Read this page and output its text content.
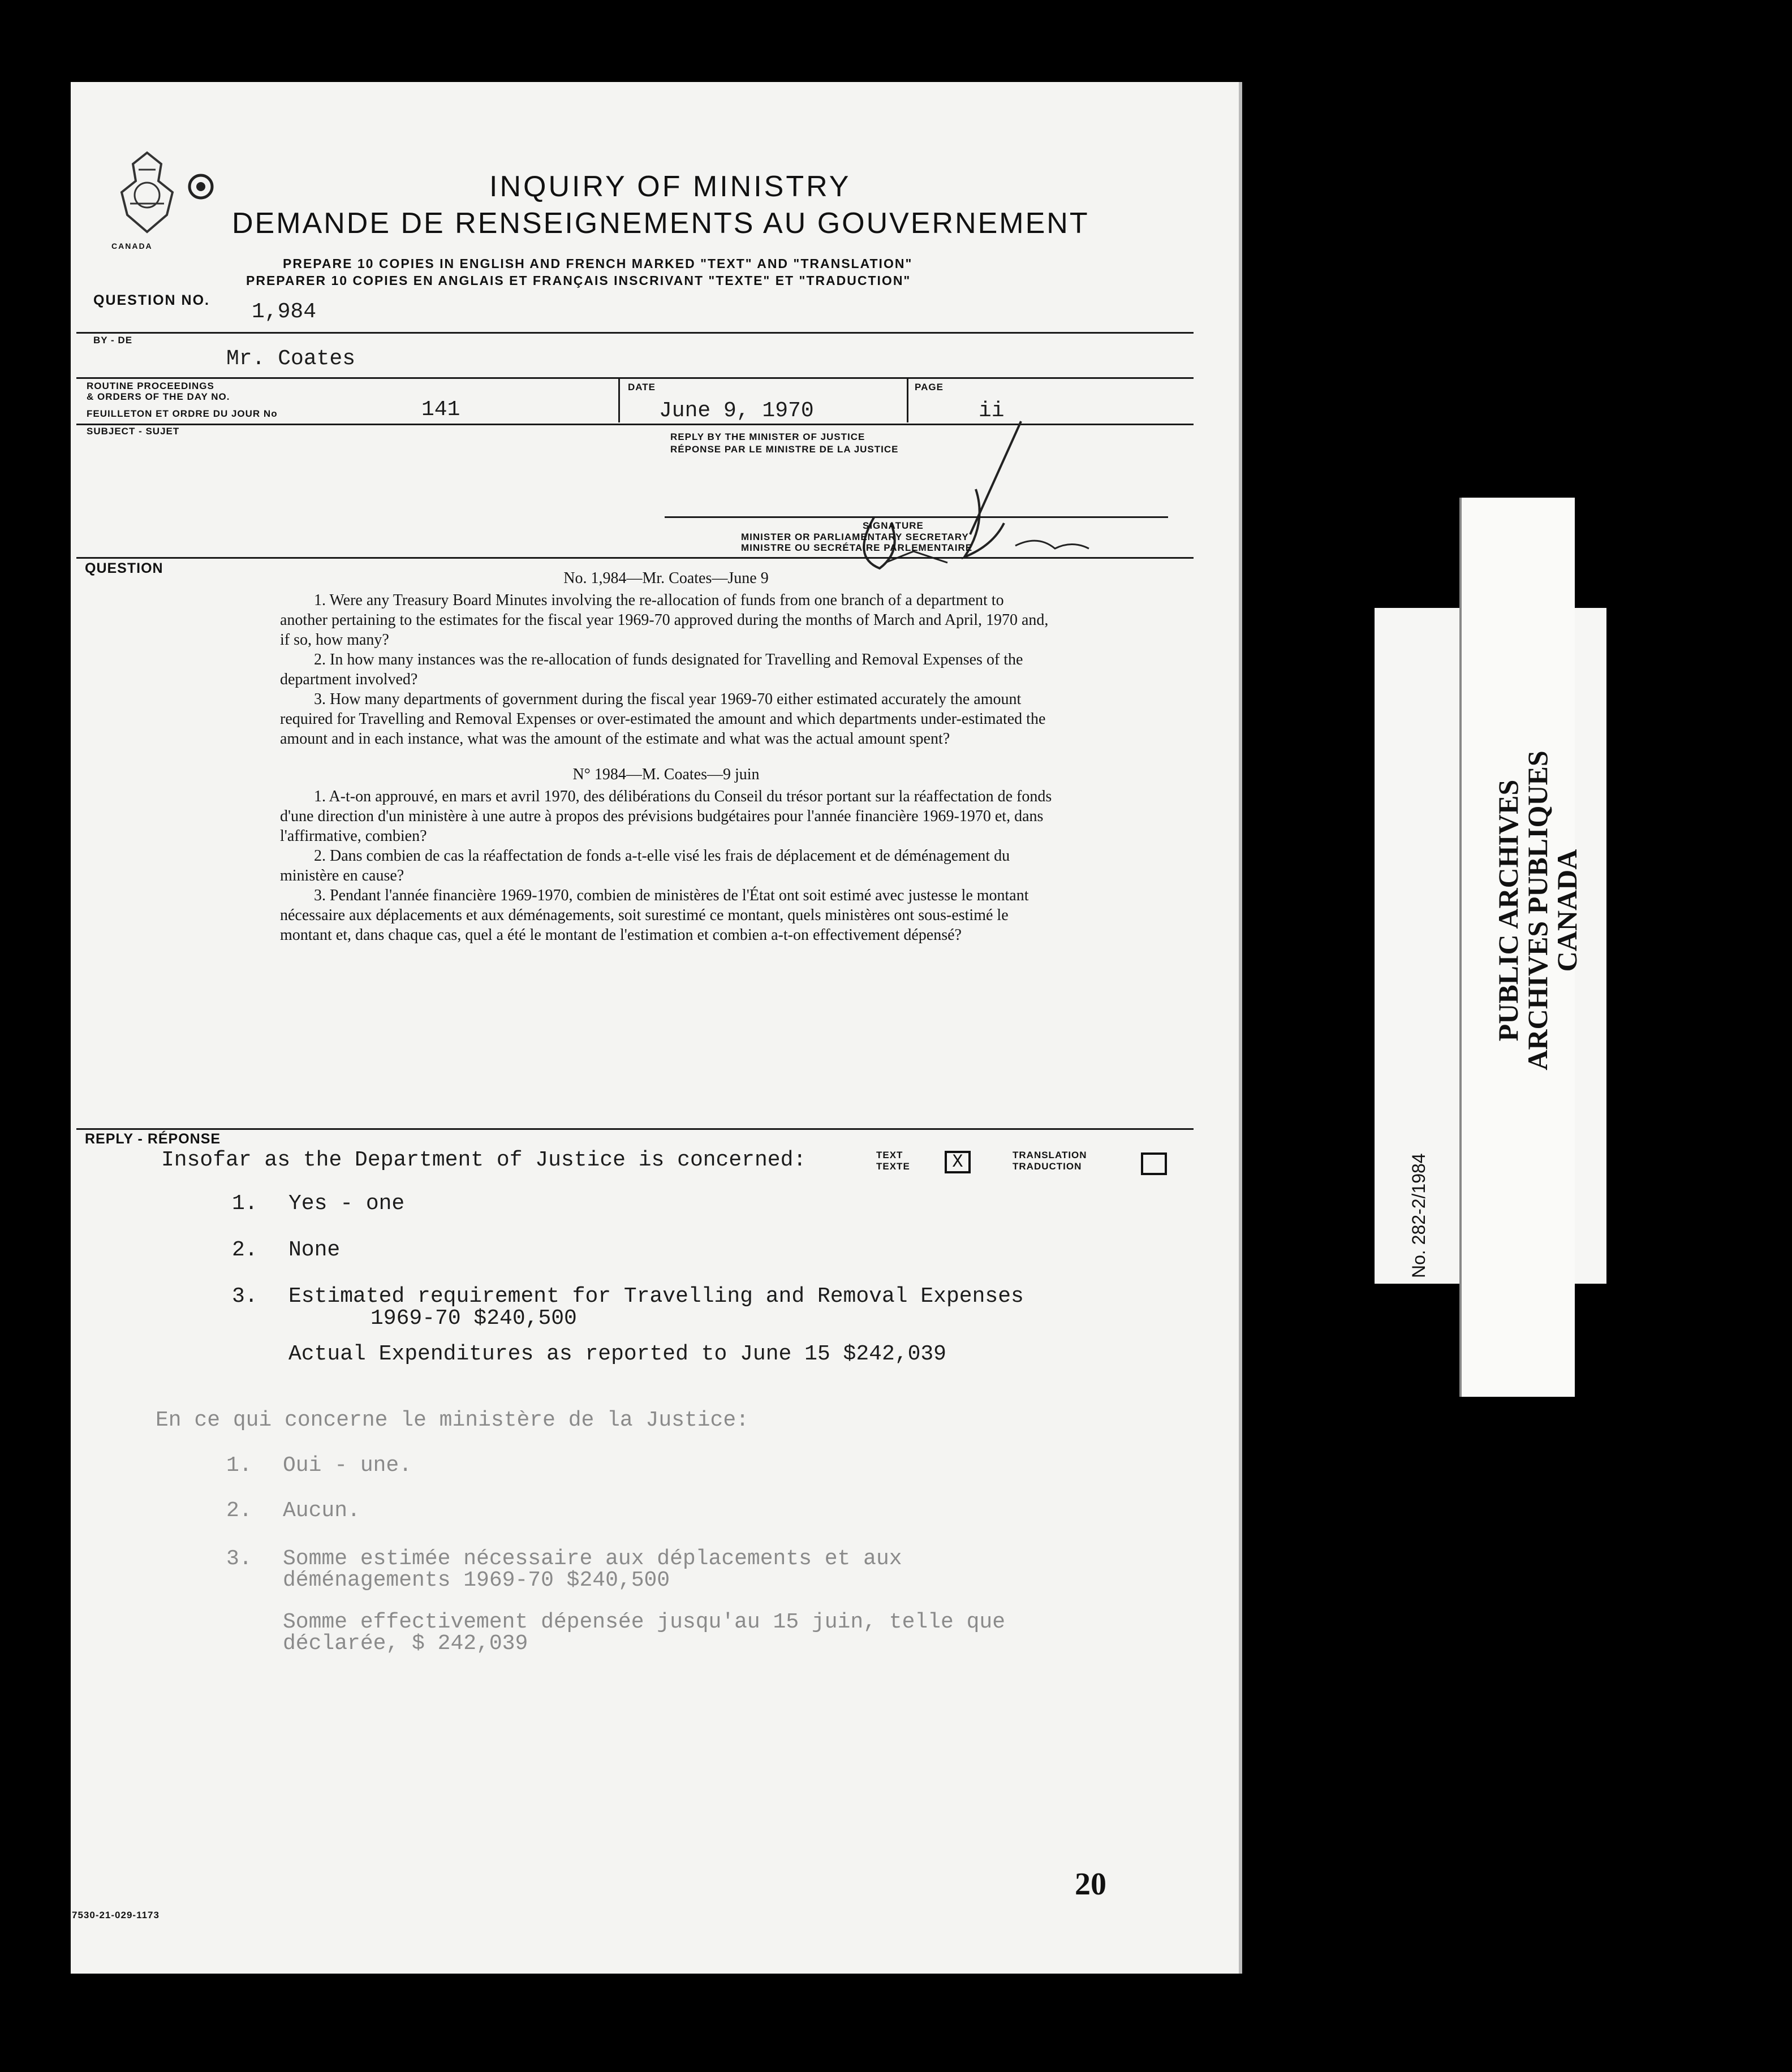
CANADA
INQUIRY OF MINISTRY
DEMANDE DE RENSEIGNEMENTS AU GOUVERNEMENT
PREPARE 10 COPIES IN ENGLISH AND FRENCH MARKED "TEXT" AND "TRANSLATION"
PREPARER 10 COPIES EN ANGLAIS ET FRANÇAIS INSCRIVANT "TEXTE" ET "TRADUCTION"
QUESTION NO. 1,984
BY - DE
Mr. Coates
ROUTINE PROCEEDINGS
& ORDERS OF THE DAY NO.
FEUILLETON ET ORDRE DU JOUR No	141
DATE
June 9, 1970
PAGE
ii
SUBJECT - SUJET
REPLY BY THE MINISTER OF JUSTICE
RÉPONSE PAR LE MINISTRE DE LA JUSTICE
SIGNATURE
MINISTER OR PARLIAMENTARY SECRETARY
MINISTRE OU SECRÉTAIRE PARLEMENTAIRE
QUESTION
No. 1,984—Mr. Coates—June 9

1. Were any Treasury Board Minutes involving the re-allocation of funds from one branch of a department to another pertaining to the estimates for the fiscal year 1969-70 approved during the months of March and April, 1970 and, if so, how many?

2. In how many instances was the re-allocation of funds designated for Travelling and Removal Expenses of the department involved?

3. How many departments of government during the fiscal year 1969-70 either estimated accurately the amount required for Travelling and Removal Expenses or over-estimated the amount and which departments under-estimated the amount and in each instance, what was the amount of the estimate and what was the actual amount spent?

N° 1984—M. Coates—9 juin

1. A-t-on approuvé, en mars et avril 1970, des délibérations du Conseil du trésor portant sur la réaffectation de fonds d'une direction d'un ministère à une autre à propos des prévisions budgétaires pour l'année financière 1969-1970 et, dans l'affirmative, combien?

2. Dans combien de cas la réaffectation de fonds a-t-elle visé les frais de déplacement et de déménagement du ministère en cause?

3. Pendant l'année financière 1969-1970, combien de ministères de l'État ont soit estimé avec justesse le montant nécessaire aux déplacements et aux déménagements, soit surestimé ce montant, quels ministères ont sous-estimé le montant et, dans chaque cas, quel a été le montant de l'estimation et combien a-t-on effectivement dépensé?

REPLY - RÉPONSE
Insofar as the Department of Justice is concerned:	TEXT
TEXTE	X	TRANSLATION
TRADUCTION
1. Yes - one
2. None
3. Estimated requirement for Travelling and Removal Expenses
1969-70 $240,500
Actual Expenditures as reported to June 15 $242,039
En ce qui concerne le ministère de la Justice:
1. Oui - une.
2. Aucun.
3. Somme estimée nécessaire aux déplacements et aux
déménagements 1969-70 $240,500
Somme effectivement dépensée jusqu'au 15 juin, telle que
déclarée, $ 242,039
20
7530-21-029-1173
No. 282-2/1984
PUBLIC ARCHIVES
ARCHIVES PUBLIQUES
CANADA
